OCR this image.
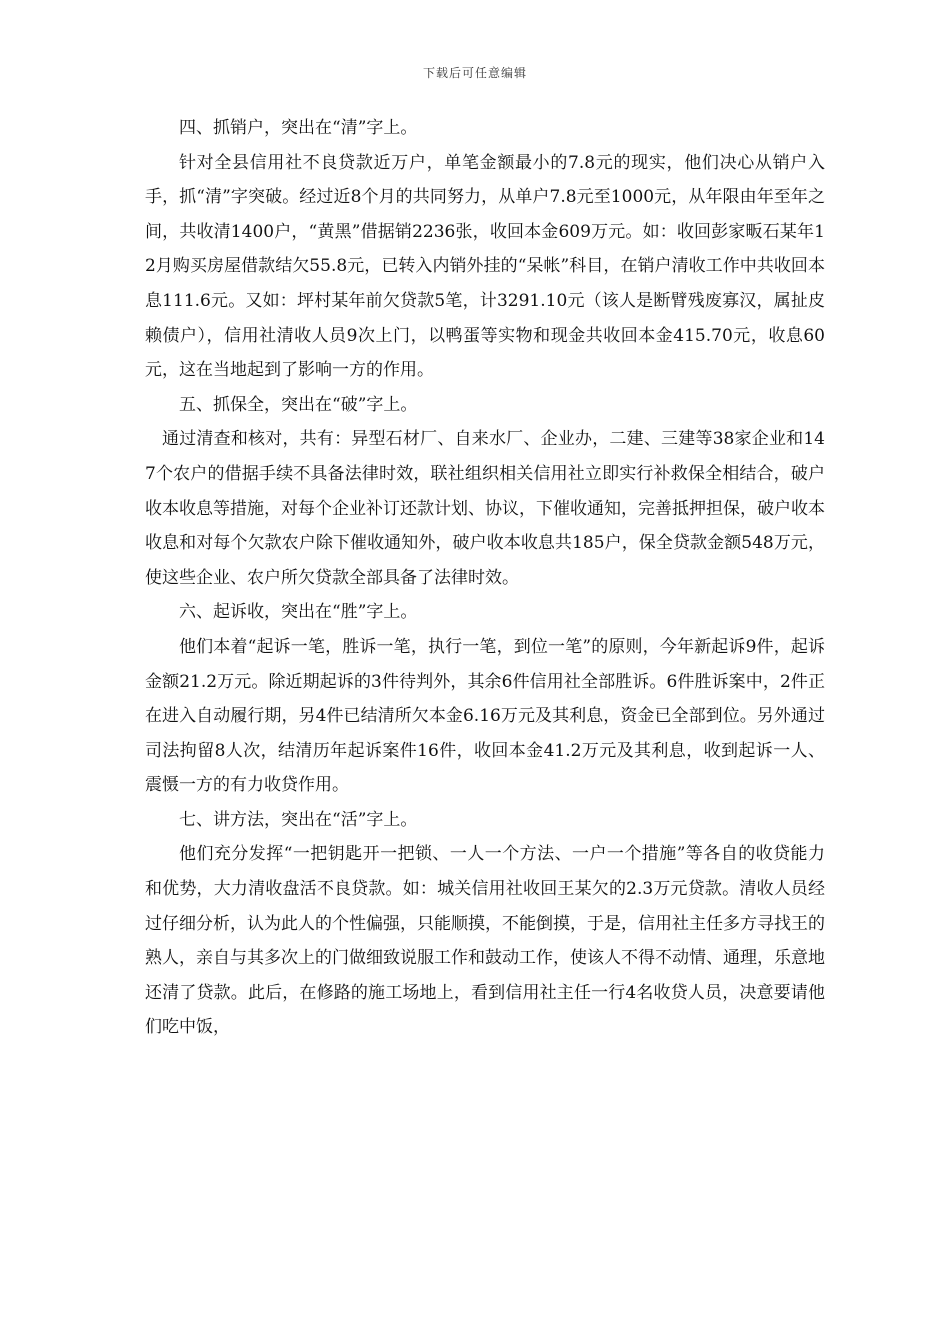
下载后可任意编辑

四、抓销户，突出在“清”字上。

针对全县信用社不良贷款近万户，单笔金额最小的7.8元的现实，他们决心从销户入手，抓“清”字突破。经过近8个月的共同努力，从单户7.8元至1000元，从年限由年至年之间，共收清1400户，“黄黑”借据销2236张，收回本金609万元。如：收回彭家畈石某年12月购买房屋借款结欠55.8元，已转入内销外挂的“呆帐”科目，在销户清收工作中共收回本息111.6元。又如：坪村某年前欠贷款5笔，计3291.10元（该人是断臂残废寡汉，属扯皮赖债户），信用社清收人员9次上门，以鸭蛋等实物和现金共收回本金415.70元，收息60元，这在当地起到了影响一方的作用。

五、抓保全，突出在“破”字上。

通过清查和核对，共有：异型石材厂、自来水厂、企业办，二建、三建等38家企业和147个农户的借据手续不具备法律时效，联社组织相关信用社立即实行补救保全相结合，破户收本收息等措施，对每个企业补订还款计划、协议，下催收通知，完善抵押担保，破户收本收息和对每个欠款农户除下催收通知外，破户收本收息共185户，保全贷款金额548万元，使这些企业、农户所欠贷款全部具备了法律时效。

六、起诉收，突出在“胜”字上。

他们本着“起诉一笔，胜诉一笔，执行一笔，到位一笔”的原则，今年新起诉9件，起诉金额21.2万元。除近期起诉的3件待判外，其余6件信用社全部胜诉。6件胜诉案中，2件正在进入自动履行期，另4件已结清所欠本金6.16万元及其利息，资金已全部到位。另外通过司法拘留8人次，结清历年起诉案件16件，收回本金41.2万元及其利息，收到起诉一人、震慑一方的有力收贷作用。

七、讲方法，突出在“活”字上。

他们充分发挥“一把钥匙开一把锁、一人一个方法、一户一个措施”等各自的收贷能力和优势，大力清收盘活不良贷款。如：城关信用社收回王某欠的2.3万元贷款。清收人员经过仔细分析，认为此人的个性偏强，只能顺摸，不能倒摸，于是，信用社主任多方寻找王的熟人，亲自与其多次上的门做细致说服工作和鼓动工作，使该人不得不动情、通理，乐意地还清了贷款。此后，在修路的施工场地上，看到信用社主任一行4名收贷人员，决意要请他们吃中饭，
